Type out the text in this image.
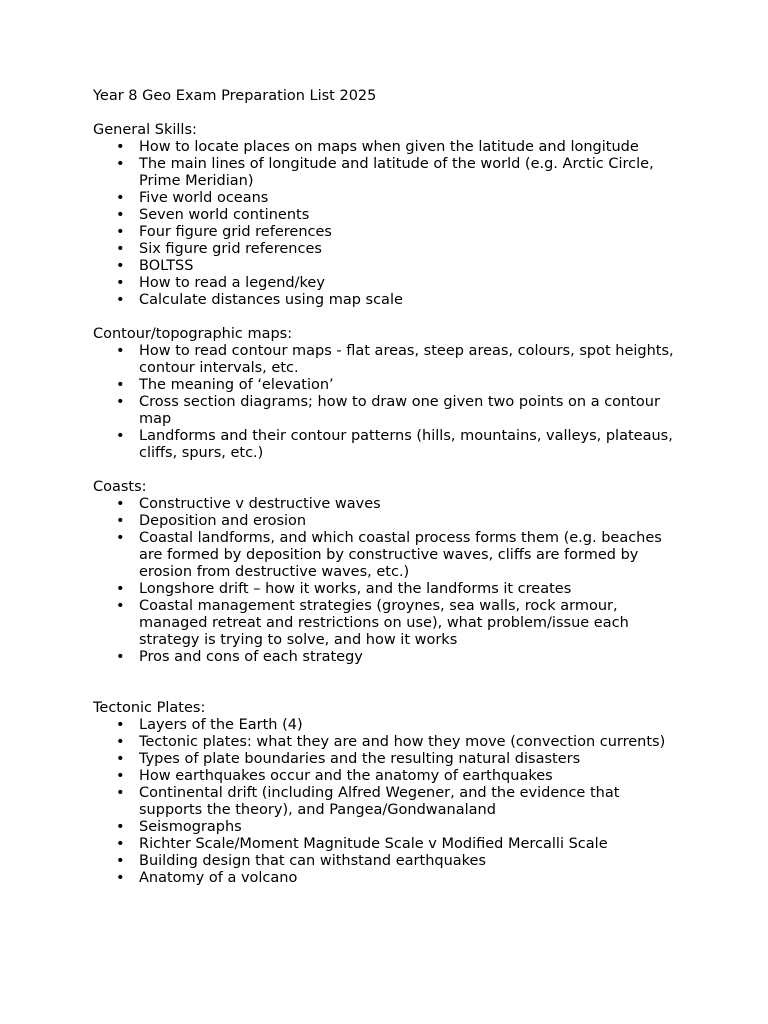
Year 8 Geo Exam Preparation List 2025

General Skills:

• How to locate places on maps when given the latitude and longitude
• The main lines of longitude and latitude of the world (e.g. Arctic Circle, Prime Meridian)
• Five world oceans
• Seven world continents
• Four figure grid references
• Six figure grid references
• BOLTSS
• How to read a legend/key
• Calculate distances using map scale

Contour/topographic maps:

• How to read contour maps - flat areas, steep areas, colours, spot heights, contour intervals, etc.
• The meaning of ‘elevation’
• Cross section diagrams; how to draw one given two points on a contour map
• Landforms and their contour patterns (hills, mountains, valleys, plateaus, cliffs, spurs, etc.)

Coasts:

• Constructive v destructive waves
• Deposition and erosion
• Coastal landforms, and which coastal process forms them (e.g. beaches are formed by deposition by constructive waves, cliffs are formed by erosion from destructive waves, etc.)
• Longshore drift – how it works, and the landforms it creates
• Coastal management strategies (groynes, sea walls, rock armour, managed retreat and restrictions on use), what problem/issue each strategy is trying to solve, and how it works
• Pros and cons of each strategy

Tectonic Plates:

• Layers of the Earth (4)
• Tectonic plates: what they are and how they move (convection currents)
• Types of plate boundaries and the resulting natural disasters
• How earthquakes occur and the anatomy of earthquakes
• Continental drift (including Alfred Wegener, and the evidence that supports the theory), and Pangea/Gondwanaland
• Seismographs
• Richter Scale/Moment Magnitude Scale v Modified Mercalli Scale
• Building design that can withstand earthquakes
• Anatomy of a volcano
